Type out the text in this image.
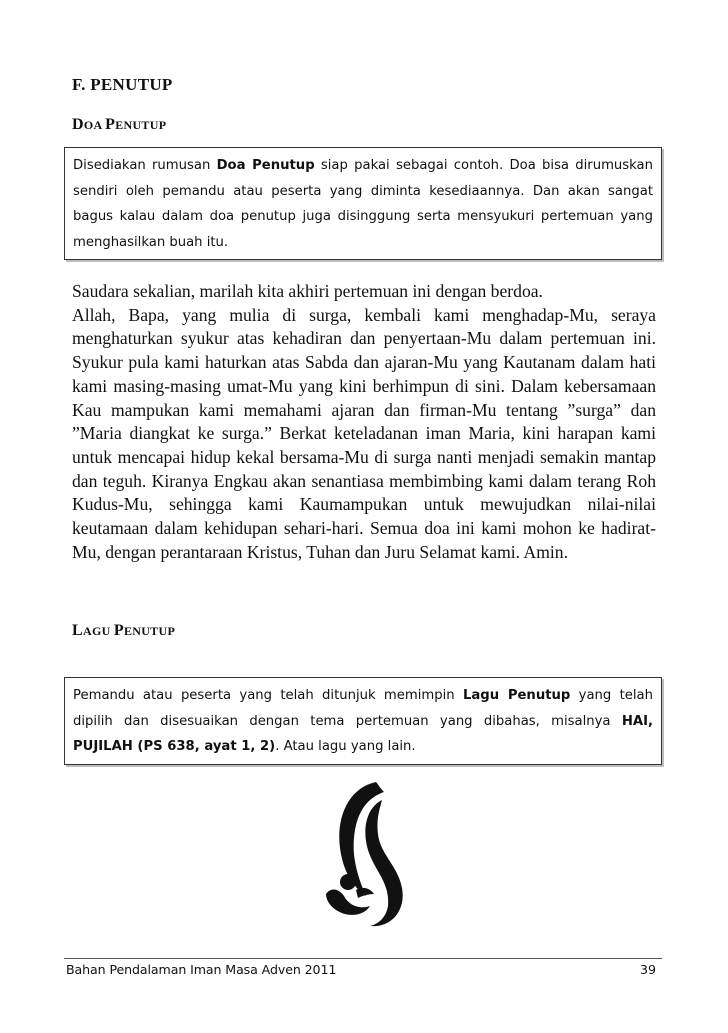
F. PENUTUP
DOA PENUTUP
Disediakan rumusan Doa Penutup siap pakai sebagai contoh. Doa bisa dirumuskan sendiri oleh pemandu atau peserta yang diminta kesediaannya. Dan akan sangat bagus kalau dalam doa penutup juga disinggung serta mensyukuri pertemuan yang menghasilkan buah itu.

Saudara sekalian, marilah kita akhiri pertemuan ini dengan berdoa.

Allah, Bapa, yang mulia di surga, kembali kami menghadap-Mu, seraya menghaturkan syukur atas kehadiran dan penyertaan-Mu dalam pertemuan ini. Syukur pula kami haturkan atas Sabda dan ajaran-Mu yang Kautanam dalam hati kami masing-masing umat-Mu yang kini berhimpun di sini. Dalam kebersamaan Kau mampukan kami memahami ajaran dan firman-Mu tentang ”surga” dan ”Maria diangkat ke surga.” Berkat keteladanan iman Maria, kini harapan kami untuk mencapai hidup kekal bersama-Mu di surga nanti menjadi semakin mantap dan teguh. Kiranya Engkau akan senantiasa membimbing kami dalam terang Roh Kudus-Mu, sehingga kami Kaumampukan untuk mewujudkan nilai-nilai keutamaan dalam kehidupan sehari-hari. Semua doa ini kami mohon ke hadirat-Mu, dengan perantaraan Kristus, Tuhan dan Juru Selamat kami. Amin.

LAGU PENUTUP
Pemandu atau peserta yang telah ditunjuk memimpin Lagu Penutup yang telah dipilih dan disesuaikan dengan tema pertemuan yang dibahas, misalnya HAI, PUJILAH (PS 638, ayat 1, 2). Atau lagu yang lain.
Bahan Pendalaman Iman Masa Adven 2011	39
